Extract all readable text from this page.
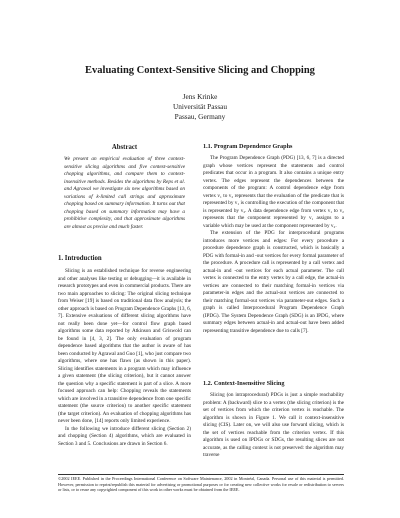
Evaluating Context-Sensitive Slicing and Chopping
Jens Krinke
Universität Passau
Passau, Germany
Abstract
We present an empirical evaluation of three context-sensitive slicing algorithms and five context-sensitive chopping algorithms, and compare them to context-insensitive methods. Besides the algorithms by Reps et al. and Agrawal we investigate six new algorithms based on variations of k-limited call strings and approximate chopping based on summary information. It turns out that chopping based on summary information may have a prohibitive complexity, and that approximate algorithms are almost as precise and much faster.
1. Introduction

Slicing is an established technique for reverse engineering and other analyses like testing or debugging—it is available in research prototypes and even in commercial products. There are two main approaches to slicing: The original slicing technique from Weiser [19] is based on traditional data flow analysis; the other approach is based on Program Dependence Graphs [13, 6, 7]. Extensive evaluations of different slicing algorithms have not really been done yet—for control flow graph based algorithms some data reported by Atkinson and Griswold can be found in [4, 3, 2]. The only evaluation of program dependence based algorithms that the author is aware of has been conducted by Agrawal and Guo [1], who just compare two algorithms, where one has flaws (as shown in this paper). Slicing identifies statements in a program which may influence a given statement (the slicing criterion), but it cannot answer the question why a specific statement is part of a slice. A more focused approach can help: Chopping reveals the statements which are involved in a transitive dependence from one specific statement (the source criterion) to another specific statement (the target criterion). An evaluation of chopping algorithms has never been done, [14] reports only limited experience.

In the following we introduce different slicing (Section 2) and chopping (Section 4) algorithms, which are evaluated in Section 3 and 5. Conclusions are drawn in Section 6.

1.1. Program Dependence Graphs

The Program Dependence Graph (PDG) [13, 6, 7] is a directed graph whose vertices represent the statements and control predicates that occur in a program. It also contains a unique entry vertex. The edges represent the dependences between the components of the program: A control dependence edge from vertex v₁ to v₂ represents that the evaluation of the predicate that is represented by v₁ is controlling the execution of the component that is represented by v₂. A data dependence edge from vertex v₁ to v₂ represents that the component represented by v₁ assigns to a variable which may be used at the component represented by v₂.

The extension of the PDG for interprocedural programs introduces more vertices and edges: For every procedure a procedure dependence graph is constructed, which is basically a PDG with formal-in and -out vertices for every formal parameter of the procedure. A procedure call is represented by a call vertex and actual-in and -out vertices for each actual parameter. The call vertex is connected to the entry vertex by a call edge, the actual-in vertices are connected to their matching formal-in vertices via parameter-in edges and the actual-out vertices are connected to their matching formal-out vertices via parameter-out edges. Such a graph is called Interprocedural Program Dependence Graph (IPDG). The System Dependence Graph (SDG) is an IPDG, where summary edges between actual-in and actual-out have been added representing transitive dependence due to calls [7].

1.2. Context-Insensitive Slicing

Slicing (on intraprocedural) PDGs is just a simple reachability problem: A (backward) slice to a vertex (the slicing criterion) is the set of vertices from which the criterion vertex is reachable. The algorithm is shown in Figure 1. We call it context-insensitive slicing (CIS). Later on, we will also use forward slicing, which is the set of vertices reachable from the criterion vertex. If this algorithm is used on IPDGs or SDGs, the resulting slices are not accurate, as the calling context is not preserved: the algorithm may traverse

©2002 IEEE. Published in the Proceedings International Conference on Software Maintenance, 2002 in Montréal, Canada. Personal use of this material is permitted. However, permission to reprint/republish this material for advertising or promotional purposes or for creating new collective works for resale or redistribution to servers or lists, or to reuse any copyrighted component of this work in other works must be obtained from the IEEE.
